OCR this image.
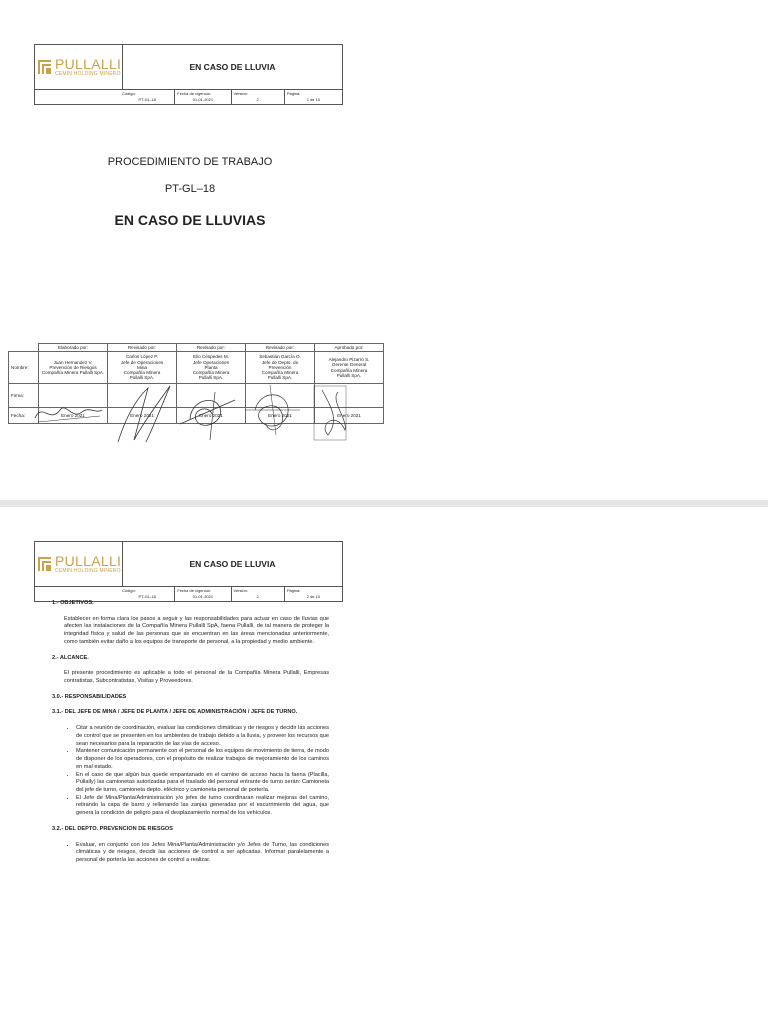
PULLALLI
CEMIN HOLDING MINERO
EN CASO DE LLUVIA
Código:
PT-GL-18
Fecha de vigencia:
01-01-2021
Versión:
2
Página:
1 de 10
PROCEDIMIENTO DE TRABAJO
PT-GL–18
EN CASO DE LLUVIAS
	Elaborado por:	Revisado por:	Revisado por:	Revisado por:	Aprobado por:
Nombre:	Juan Hernandez V.
Prevención de Riesgos
Compañía Minera Pullalli SpA.	Carlos López P.
Jefe de Operaciones
Mina
Compañía Minera
Pullalli SpA.	Elio Céspedes M.
Jefe Operaciones
Planta
Compañía Minera
Pullalli SpA.	Sebastián García O.
Jefe de Depto. de
Prevención
Compañía Minera
Pullalli SpA.	Alejandro Pizarro S.
Gerente General
Compañía Minera
Pullalli SpA.
Firma:					
Fecha:	Enero 2021	Enero 2021	Enero 2021	Enero 2021	Enero 2021
PULLALLI
CEMIN HOLDING MINERO
EN CASO DE LLUVIA
Código:
PT-GL-18
Fecha de vigencia:
01-01-2021
Versión:
2
Página:
2 de 10
1.- OBJETIVOS.
Establecer en forma clara los pasos a seguir y las responsabilidades para actuar en caso de lluvias que afecten las instalaciones de la Compañía Minera Pullalli SpA, faena Pullalli, de tal manera de proteger la integridad física y salud de las personas que se encuentran en las áreas mencionadas anteriormente, como también evitar daño a los equipos de transporte de personal, a la propiedad y medio ambiente.
2.- ALCANCE.
El presente procedimiento es aplicable a todo el personal de la Compañía Minera Pullalli, Empresas contratistas, Subcontratistas, Visitas y Proveedores.
3.0.- RESPONSABILIDADES
3.1.- DEL JEFE DE MINA / JEFE DE PLANTA / JEFE DE ADMINISTRACIÓN / JEFE DE TURNO.
• Citar a reunión de coordinación, evaluar las condiciones climáticas y de riesgos y decidir las acciones de control que se presenten en los ambientes de trabajo debido a la lluvia, y proveer los recursos que sean necesarios para la reparación de las vías de acceso.
• Mantener comunicación permanente con el personal de los equipos de movimiento de tierra, de modo de disponer de los operadores, con el propósito de realizar trabajos de mejoramiento de los caminos en mal estado.
• En el caso de que algún bus quede empantanado en el camino de acceso hacia la faena (Placilla, Pullally) las camionetas autorizadas para el traslado del personal entrante de turno serán: Camioneta del jefe de turno, camioneta depto. eléctrico y camioneta personal de portería.
• El Jefe de Mina/Planta/Administración y/o jefes de turno coordinaran realizar mejoras del camino, retirando la capa de barro y rellenando las zanjas generadas por el escurrimiento del agua, que genera la condición de peligro para el desplazamiento normal de los vehículos.
3.2.- DEL DEPTO. PREVENCION DE RIESGOS
• Evaluar, en conjunto con los Jefes Mina/Planta/Administración y/o Jefes de Turno, las condiciones climáticas y de riesgos, decidir las acciones de control a ser aplicadas. Informar paralelamente a personal de portería las acciones de control a realizar.
